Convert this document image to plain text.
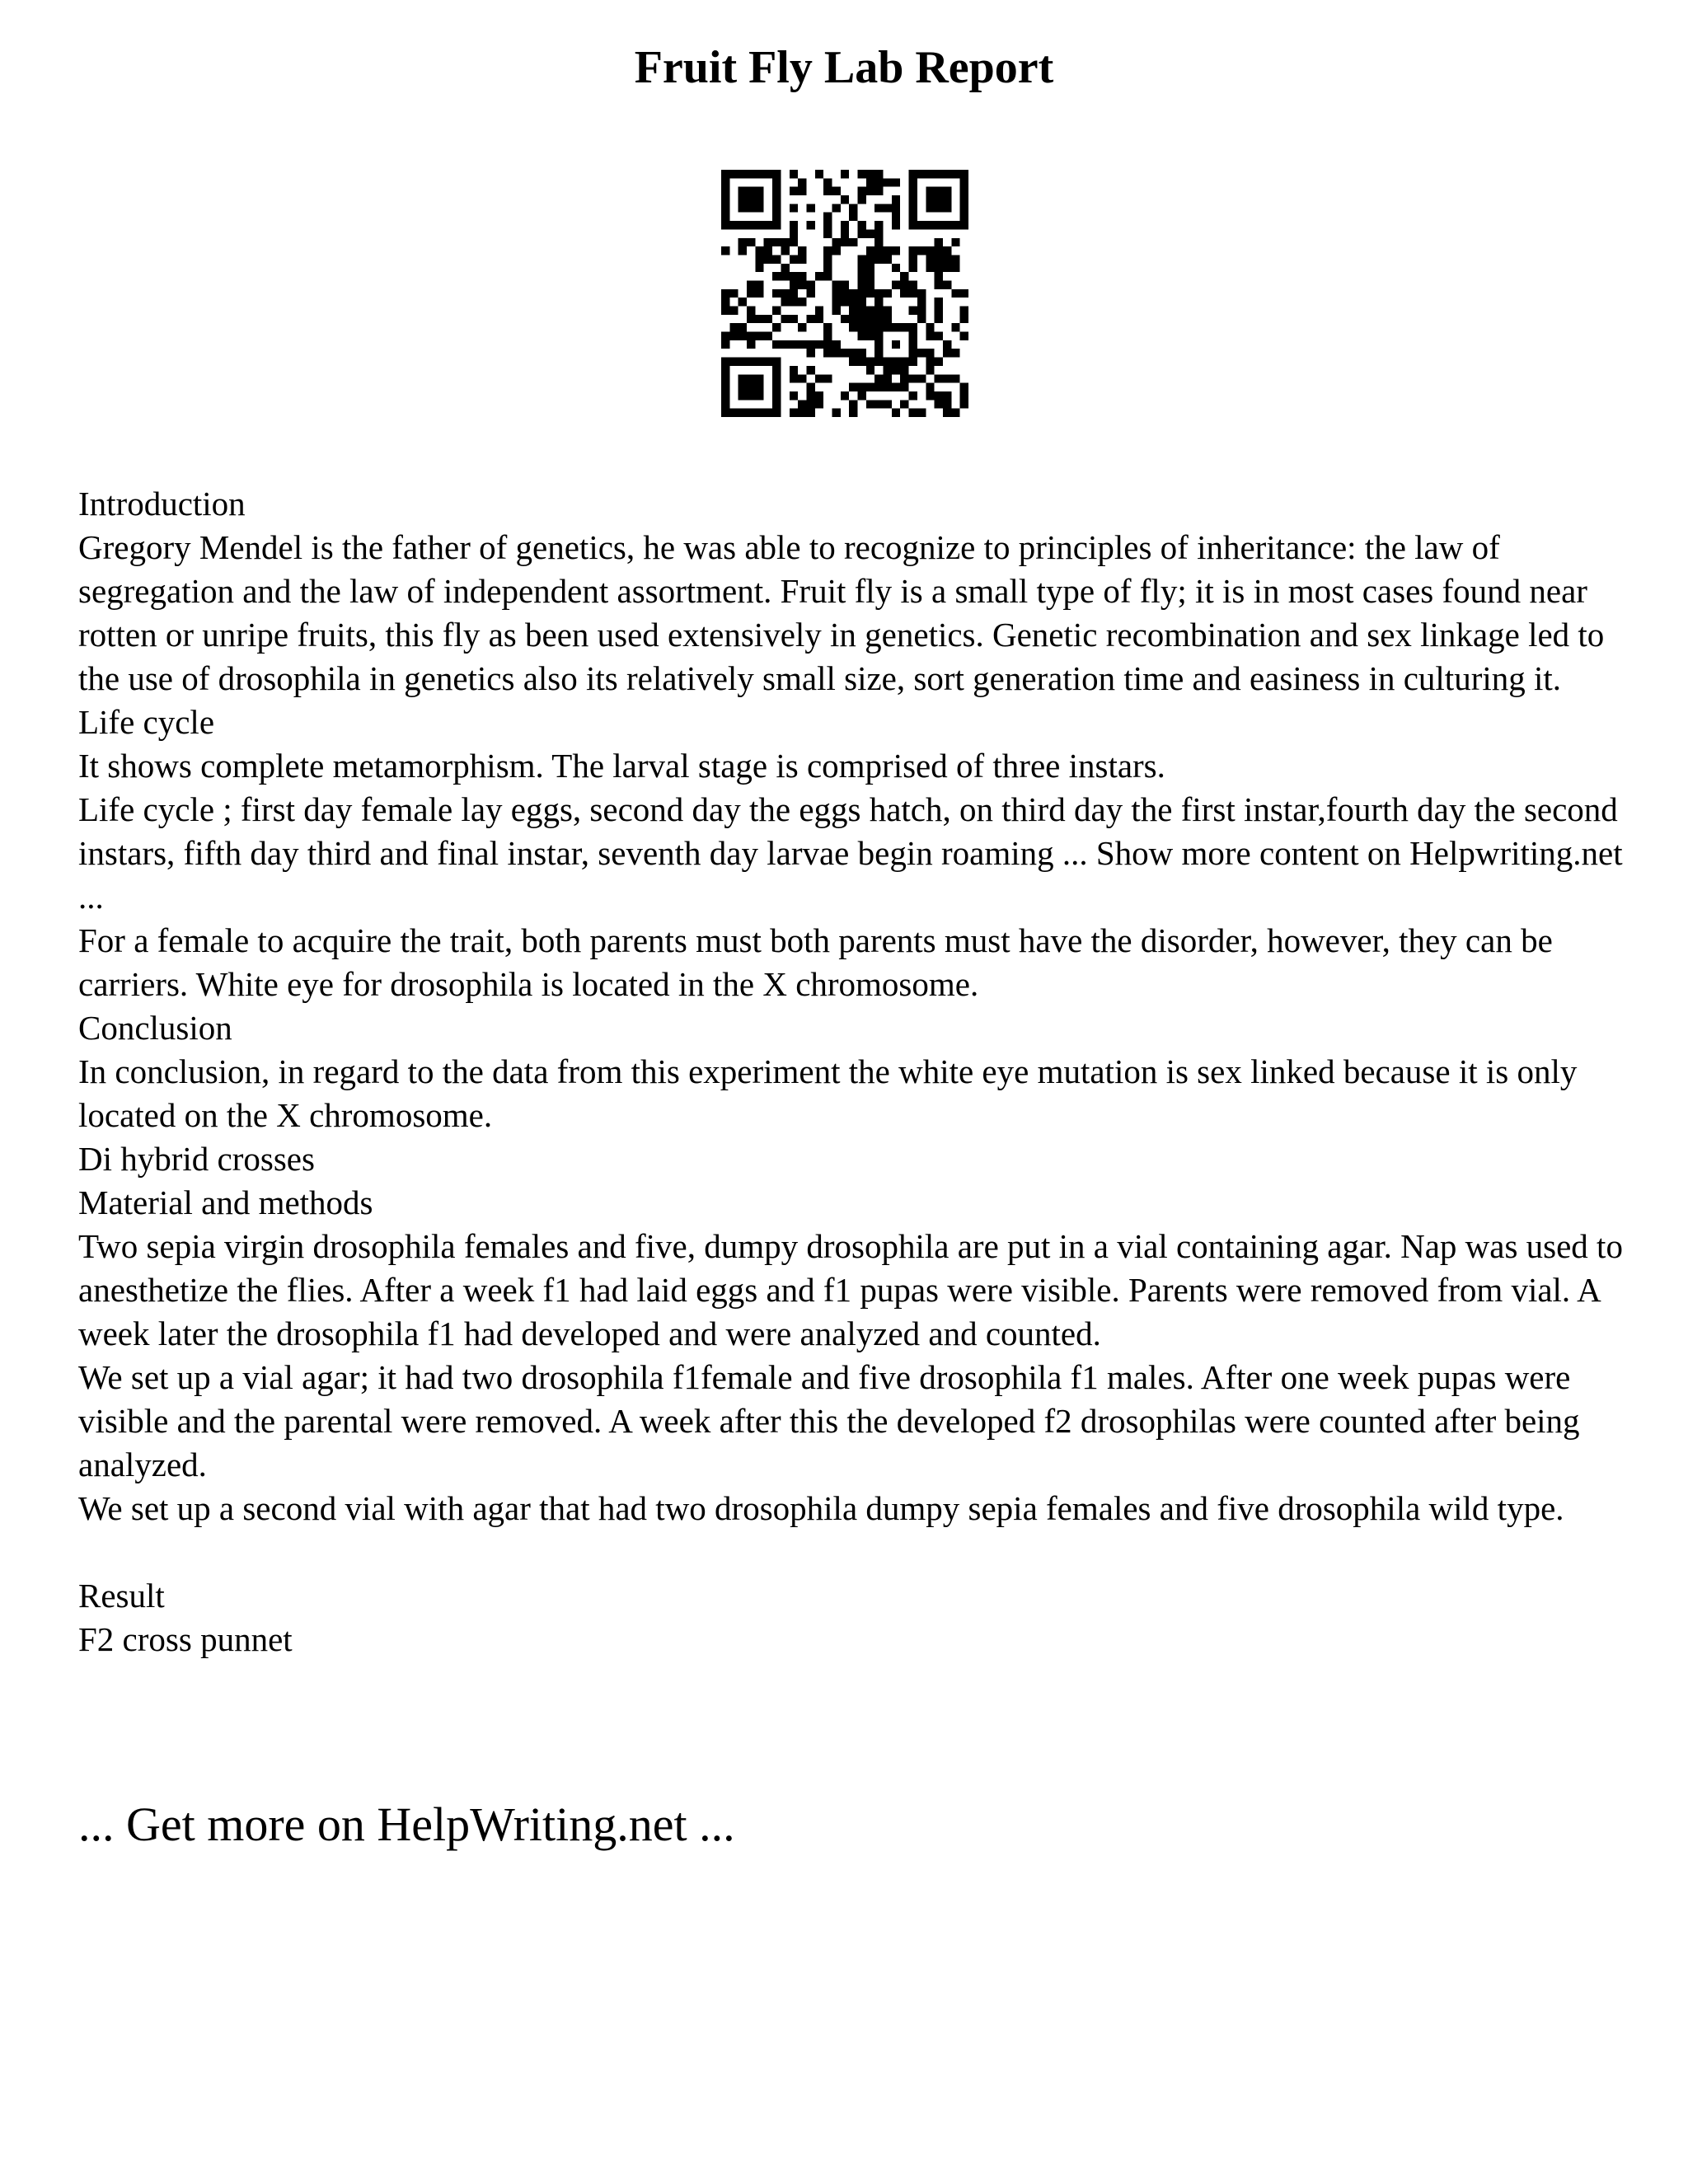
Fruit Fly Lab Report

Introduction

Gregory Mendel is the father of genetics, he was able to recognize to principles of inheritance: the law of segregation and the law of independent assortment. Fruit fly is a small type of fly; it is in most cases found near rotten or unripe fruits, this fly as been used extensively in genetics. Genetic recombination and sex linkage led to the use of drosophila in genetics also its relatively small size, sort generation time and easiness in culturing it.

Life cycle

It shows complete metamorphism. The larval stage is comprised of three instars.

Life cycle ; first day female lay eggs, second day the eggs hatch, on third day the first instar,fourth day the second instars, fifth day third and final instar, seventh day larvae begin roaming ... Show more content on Helpwriting.net ...

For a female to acquire the trait, both parents must both parents must have the disorder, however, they can be carriers. White eye for drosophila is located in the X chromosome.

Conclusion

In conclusion, in regard to the data from this experiment the white eye mutation is sex linked because it is only located on the X chromosome.

Di hybrid crosses

Material and methods

Two sepia virgin drosophila females and five, dumpy drosophila are put in a vial containing agar. Nap was used to anesthetize the flies. After a week f1 had laid eggs and f1 pupas were visible. Parents were removed from vial. A week later the drosophila f1 had developed and were analyzed and counted.

We set up a vial agar; it had two drosophila f1female and five drosophila f1 males. After one week pupas were visible and the parental were removed. A week after this the developed f2 drosophilas were counted after being analyzed.

We set up a second vial with agar that had two drosophila dumpy sepia females and five drosophila wild type.

Result

F2 cross punnet

... Get more on HelpWriting.net ...
